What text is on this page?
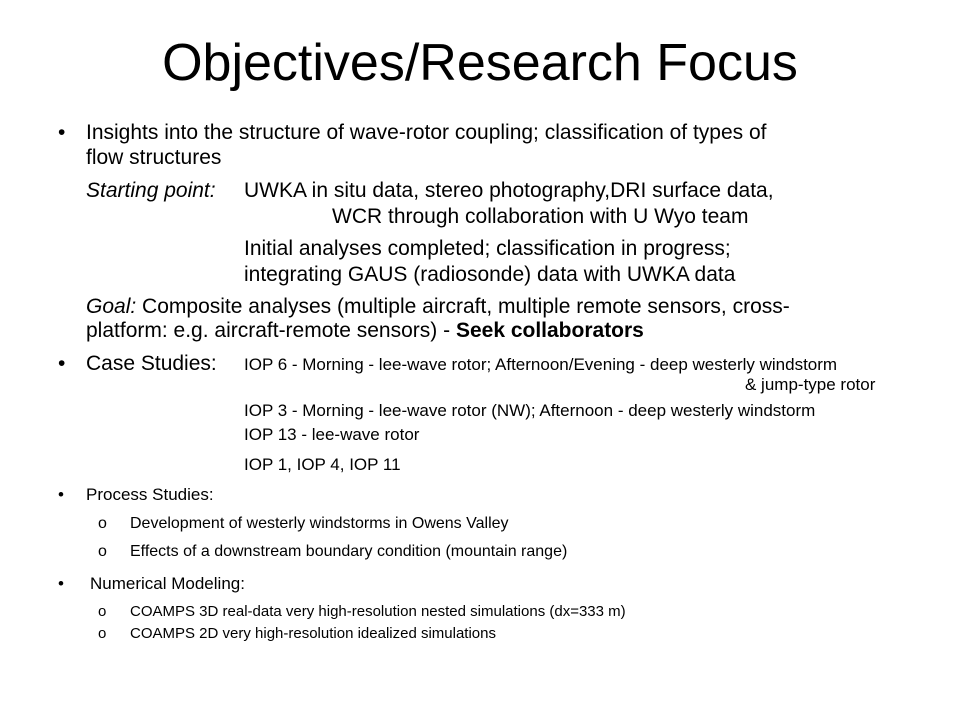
Objectives/Research Focus
• Insights into the structure of wave-rotor coupling; classification of types of
flow structures
Starting point: UWKA in situ data, stereo photography,DRI surface data,
WCR through collaboration with U Wyo team
Initial analyses completed; classification in progress;
integrating GAUS (radiosonde) data with UWKA data
Goal: Composite analyses (multiple aircraft, multiple remote sensors, cross-
platform: e.g. aircraft-remote sensors) - Seek collaborators
• Case Studies: IOP 6 - Morning - lee-wave rotor; Afternoon/Evening - deep westerly windstorm
& jump-type rotor
IOP 3 - Morning - lee-wave rotor (NW); Afternoon - deep westerly windstorm
IOP 13 - lee-wave rotor
IOP 1, IOP 4, IOP 11
• Process Studies:
o Development of westerly windstorms in Owens Valley
o Effects of a downstream boundary condition (mountain range)
• Numerical Modeling:
o COAMPS 3D real-data very high-resolution nested simulations (dx=333 m)
o COAMPS 2D very high-resolution idealized simulations
